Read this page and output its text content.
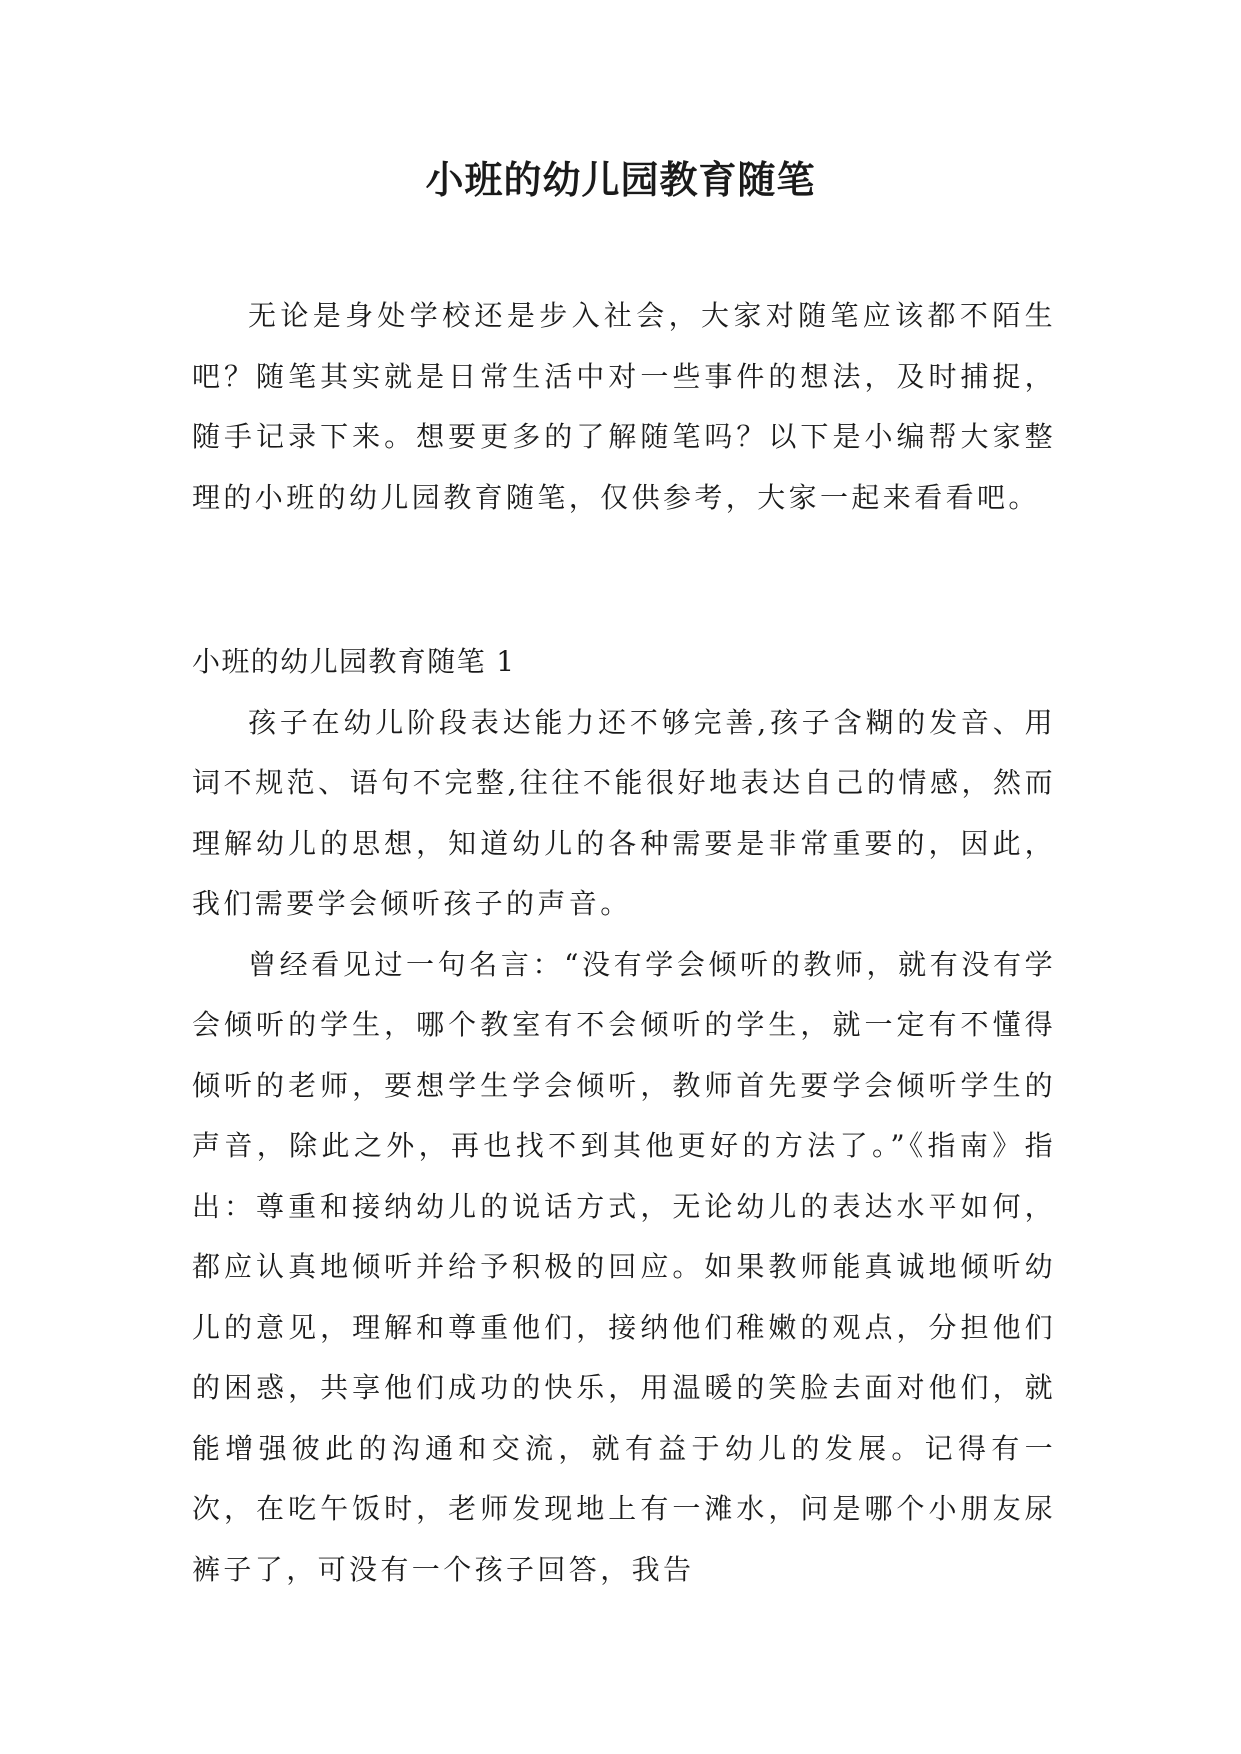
小班的幼儿园教育随笔

无论是身处学校还是步入社会，大家对随笔应该都不陌生吧？随笔其实就是日常生活中对一些事件的想法，及时捕捉，随手记录下来。想要更多的了解随笔吗？以下是小编帮大家整理的小班的幼儿园教育随笔，仅供参考，大家一起来看看吧。

小班的幼儿园教育随笔 1

孩子在幼儿阶段表达能力还不够完善,孩子含糊的发音、用词不规范、语句不完整,往往不能很好地表达自己的情感，然而理解幼儿的思想，知道幼儿的各种需要是非常重要的，因此，我们需要学会倾听孩子的声音。

曾经看见过一句名言：“没有学会倾听的教师，就有没有学会倾听的学生，哪个教室有不会倾听的学生，就一定有不懂得倾听的老师，要想学生学会倾听，教师首先要学会倾听学生的声音，除此之外，再也找不到其他更好的方法了。”《指南》指出：尊重和接纳幼儿的说话方式，无论幼儿的表达水平如何，都应认真地倾听并给予积极的回应。如果教师能真诚地倾听幼儿的意见，理解和尊重他们，接纳他们稚嫩的观点，分担他们的困惑，共享他们成功的快乐，用温暖的笑脸去面对他们，就能增强彼此的沟通和交流，就有益于幼儿的发展。记得有一次，在吃午饭时，老师发现地上有一滩水，问是哪个小朋友尿裤子了，可没有一个孩子回答，我告
